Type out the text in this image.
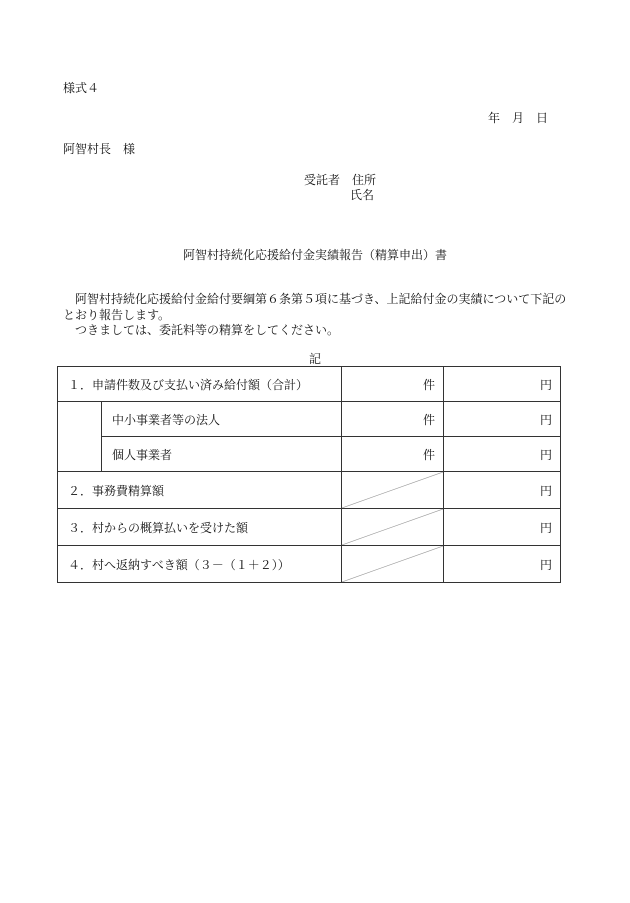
様式４
年　月　日
阿智村長　様
受託者　住所
氏名
阿智村持続化応援給付金実績報告（精算申出）書
阿智村持続化応援給付金給付要綱第６条第５項に基づき、上記給付金の実績について下記のとおり報告します。
つきましては、委託料等の精算をしてください。
記
１．申請件数及び支払い済み給付額（合計）		件	円
	中小事業者等の法人	件	円
	個人事業者	件	円
２．事務費精算額			円
３．村からの概算払いを受けた額			円
４．村へ返納すべき額（３－（１＋２））			円
